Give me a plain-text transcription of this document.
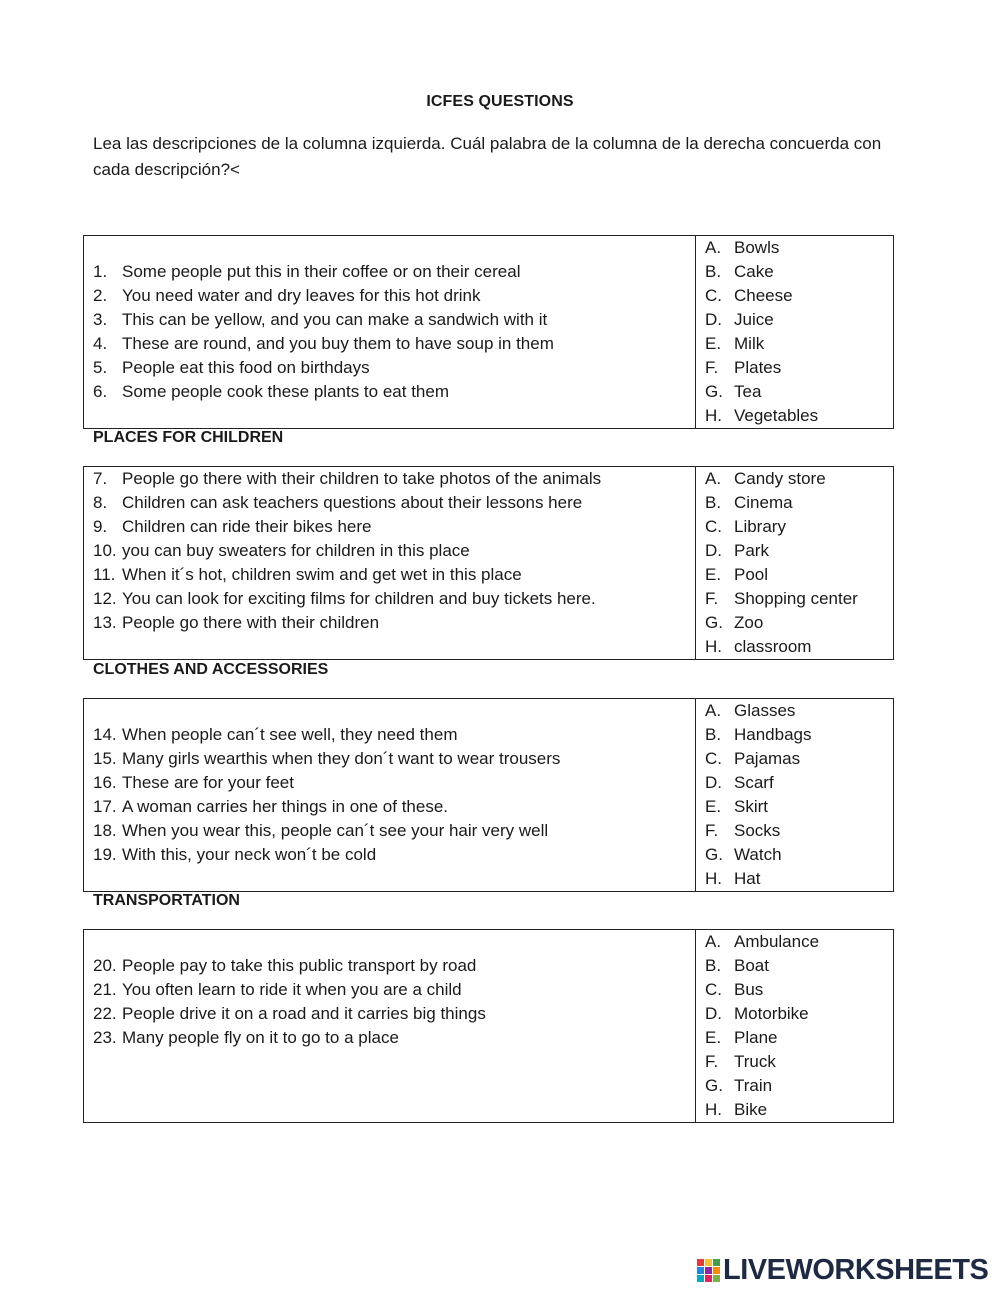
ICFES QUESTIONS
Lea las descripciones de la columna izquierda. Cuál palabra de la columna de la derecha concuerda con cada descripción?<
1. Some people put this in their coffee or on their cereal
2. You need water and dry leaves for this hot drink
3. This can be yellow, and you can make a sandwich with it
4. These are round, and you buy them to have soup in them
5. People eat this food on birthdays
6. Some people cook these plants to eat them
A. Bowls
B. Cake
C. Cheese
D. Juice
E. Milk
F. Plates
G. Tea
H. Vegetables
PLACES FOR CHILDREN
7. People go there with their children to take photos of the animals
8. Children can ask teachers questions about their lessons here
9. Children can ride their bikes here
10. you can buy sweaters for children in this place
11. When it´s hot, children swim and get wet in this place
12. You can look for exciting films for children and buy tickets here.
13. People go there with their children
A. Candy store
B. Cinema
C. Library
D. Park
E. Pool
F. Shopping center
G. Zoo
H. classroom
CLOTHES AND ACCESSORIES
14. When people can´t see well, they need them
15. Many girls wearthis when they don´t want to wear trousers
16. These are for your feet
17. A woman carries her things in one of these.
18. When you wear this, people can´t see your hair very well
19. With this, your neck won´t be cold
A. Glasses
B. Handbags
C. Pajamas
D. Scarf
E. Skirt
F. Socks
G. Watch
H. Hat
TRANSPORTATION
20. People pay to take this public transport by road
21. You often learn to ride it when you are a child
22. People drive it on a road and it carries big things
23. Many people fly on it to go to a place
A. Ambulance
B. Boat
C. Bus
D. Motorbike
E. Plane
F. Truck
G. Train
H. Bike
LIVEWORKSHEETS
